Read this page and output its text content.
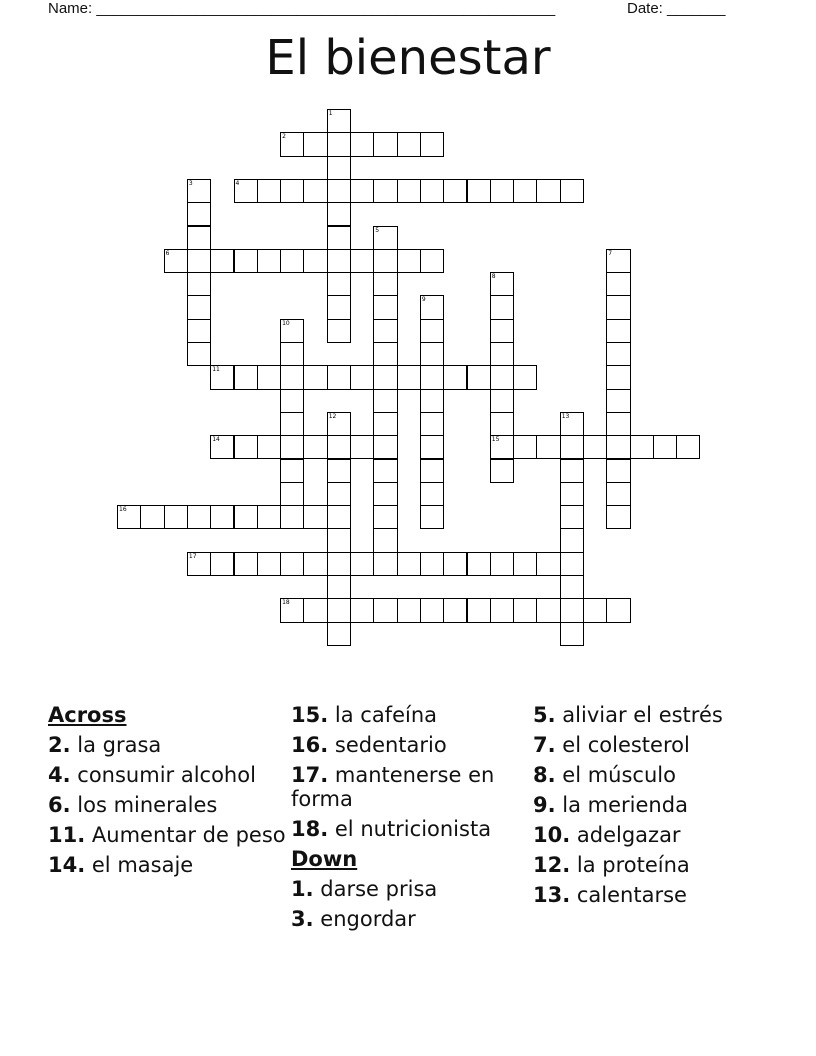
Name: _______________________________________________________	Date: _______
El bienestar
1
2
3	4
5
6	7
8
9
10
11
12	13
14	15
16
17
18
Across
2. la grasa
4. consumir alcohol
6. los minerales
11. Aumentar de peso
14. el masaje
15. la cafeína
16. sedentario
17. mantenerse en forma
18. el nutricionista
Down
1. darse prisa
3. engordar
5. aliviar el estrés
7. el colesterol
8. el músculo
9. la merienda
10. adelgazar
12. la proteína
13. calentarse
